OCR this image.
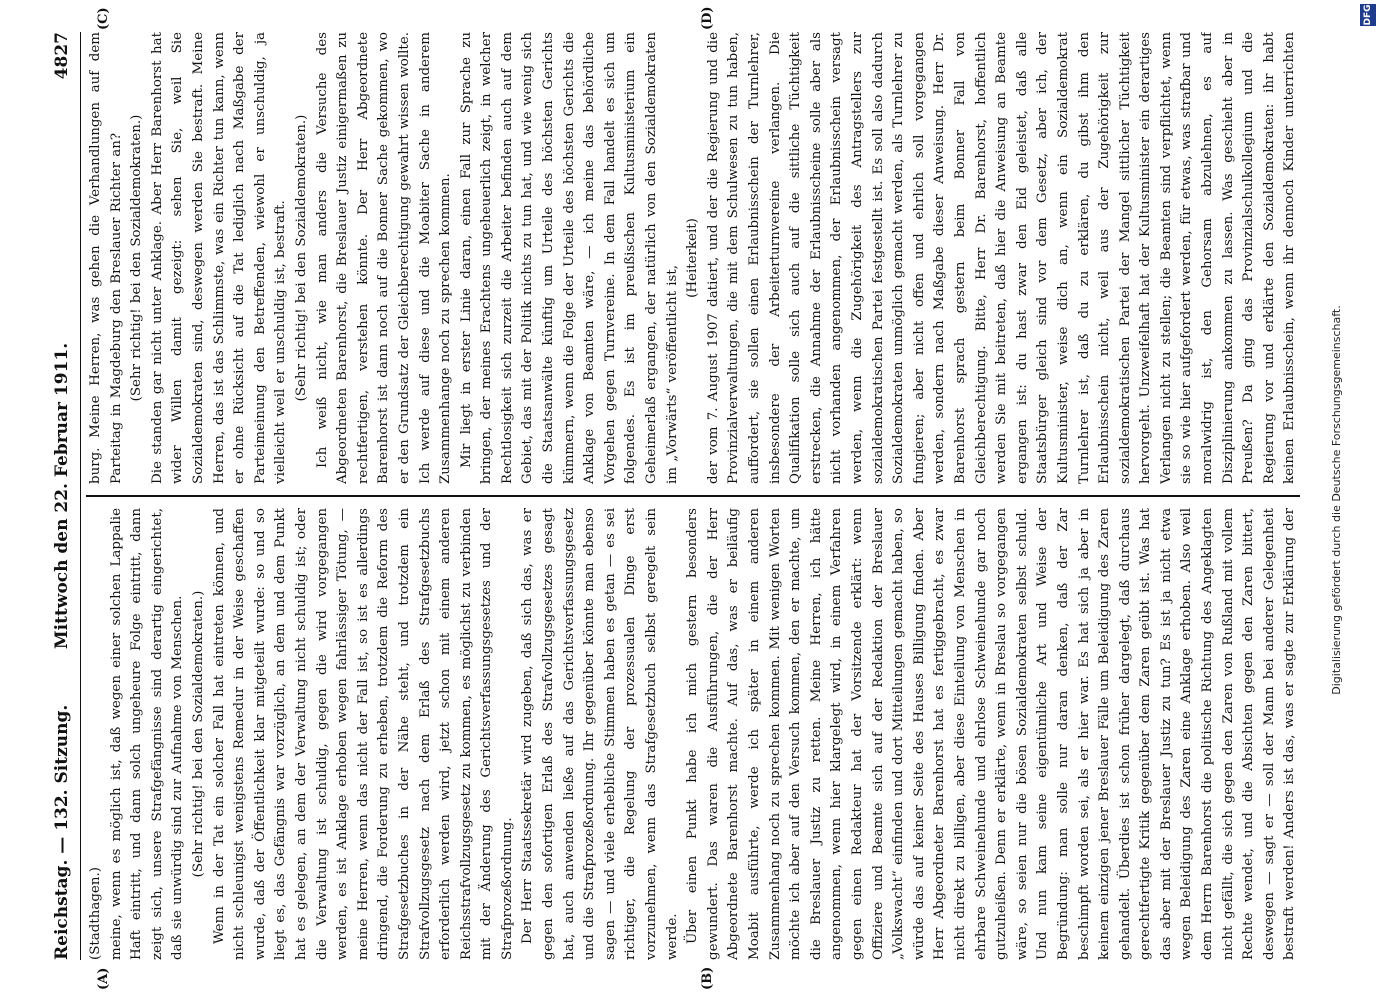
Reichstag. — 132. Sitzung.
Mittwoch den 22. Februar 1911.
4827
(A)	(B)
(C)	(D)

(Stadthagen.) meine, wenn es möglich ist, daß wegen einer solchen Lappalie Haft eintritt, und dann solch ungeheure Folge eintritt, dann zeigt sich, unsere Strafgefängnisse sind derartig eingerichtet, daß sie unwürdig sind zur Aufnahme von Menschen. (Sehr richtig! bei den Sozialdemokraten.) Wenn in der Tat ein solcher Fall hat eintreten können, und nicht schleunigst wenigstens Remedur in der Weise geschaffen wurde, daß der Öffentlichkeit klar mitgeteilt wurde: so und so liegt es, das Gefängnis war vorzüglich, an dem und dem Punkt hat es gelegen, an dem der Verwaltung nicht schuldig ist; oder die Verwaltung ist schuldig, gegen die wird vorgegangen werden, es ist Anklage erhoben wegen fahrlässiger Tötung, — meine Herren, wenn das nicht der Fall ist, so ist es allerdings dringend, die Forderung zu erheben, trotzdem die Reform des Strafgesetzbuches in der Nähe steht, und trotzdem ein Strafvollzugsgesetz nach dem Erlaß des Strafgesetzbuchs erforderlich werden wird, jetzt schon mit einem anderen Reichsstrafvollzugsgesetz zu kommen, es möglichst zu verbinden mit der Änderung des Gerichtsverfassungsgesetzes und der Strafprozeßordnung. Der Herr Staatssekretär wird zugeben, daß sich das, was er gegen den sofortigen Erlaß des Strafvollzugsgesetzes gesagt hat, auch anwenden ließe auf das Gerichtsverfassungsgesetz und die Strafprozeßordnung. Ihr gegenüber könnte man ebenso sagen — und viele erhebliche Stimmen haben es getan — es sei richtiger, die Regelung der prozessualen Dinge erst vorzunehmen, wenn das Strafgesetzbuch selbst geregelt sein werde. Über einen Punkt habe ich mich gestern besonders gewundert. Das waren die Ausführungen, die der Herr Abgeordnete Barenhorst machte. Auf das, was er beiläufig Moabit ausführte, werde ich später in einem anderen Zusammenhang noch zu sprechen kommen. Mit wenigen Worten möchte ich aber auf den Versuch kommen, den er machte, um die Breslauer Justiz zu retten. Meine Herren, ich hätte angenommen, wenn hier klargelegt wird, in einem Verfahren gegen einen Redakteur hat der Vorsitzende erklärt: wenn Offiziere und Beamte sich auf der Redaktion der Breslauer „Volkswacht“ einfinden und dort Mitteilungen gemacht haben, so würde das auf keiner Seite des Hauses Billigung finden. Aber Herr Abgeordneter Barenhorst hat es fertiggebracht, es zwar nicht direkt zu billigen, aber diese Einteilung von Menschen in ehrbare Schweinehunde und ehrlose Schweinehunde gar noch gutzuheißen. Denn er erklärte, wenn in Breslau so vorgegangen wäre, so seien nur die bösen Sozialdemokraten selbst schuld. Und nun kam seine eigentümliche Art und Weise der Begründung: man solle nur daran denken, daß der Zar beschimpft worden sei, als er hier war. Es hat sich ja aber in keinem einzigen jener Breslauer Fälle um Beleidigung des Zaren gehandelt. Überdies ist schon früher dargelegt, daß durchaus gerechtfertigte Kritik gegenüber dem Zaren geübt ist. Was hat das aber mit der Breslauer Justiz zu tun? Es ist ja nicht etwa wegen Beleidigung des Zaren eine Anklage erhoben. Also weil dem Herrn Barenhorst die politische Richtung des Angeklagten nicht gefällt, die sich gegen den Zaren von Rußland mit vollem Rechte wendet, und die Absichten gegen den Zaren bittert, deswegen — sagt er — soll der Mann bei anderer Gelegenheit bestraft werden! Anders ist das, was er sagte zur Erklärung der

burg. Meine Herren, was gehen die Verhandlungen auf dem Parteitag in Magdeburg den Breslauer Richter an? (Sehr richtig! bei den Sozialdemokraten.) Die standen gar nicht unter Anklage. Aber Herr Barenhorst hat wider Willen damit gezeigt: sehen Sie, weil Sie Sozialdemokraten sind, deswegen werden Sie bestraft. Meine Herren, das ist das Schlimmste, was ein Richter tun kann, wenn er ohne Rücksicht auf die Tat lediglich nach Maßgabe der Parteimeinung den Betreffenden, wiewohl er unschuldig, ja vielleicht weil er unschuldig ist, bestraft. (Sehr richtig! bei den Sozialdemokraten.) Ich weiß nicht, wie man anders die Versuche des Abgeordneten Barenhorst, die Breslauer Justiz einigermaßen zu rechtfertigen, verstehen könnte. Der Herr Abgeordnete Barenhorst ist dann noch auf die Bonner Sache gekommen, wo er den Grundsatz der Gleichberechtigung gewahrt wissen wollte. Ich werde auf diese und die Moabiter Sache in anderem Zusammenhange noch zu sprechen kommen. Mir liegt in erster Linie daran, einen Fall zur Sprache zu bringen, der meines Erachtens ungeheuerlich zeigt, in welcher Rechtlosigkeit sich zurzeit die Arbeiter befinden auch auf dem Gebiet, das mit der Politik nichts zu tun hat, und wie wenig sich die Staatsanwälte künftig um Urteile des höchsten Gerichts kümmern, wenn die Folge der Urteile des höchsten Gerichts die Anklage von Beamten wäre, — ich meine das behördliche Vorgehen gegen Turnvereine. In dem Fall handelt es sich um folgendes. Es ist im preußischen Kultusministerium ein Geheimerlaß ergangen, der natürlich von den Sozialdemokraten im „Vorwärts“ veröffentlicht ist,

(Heiterkeit)

der vom 7. August 1907 datiert, und der die Regierung und die Provinzialverwaltungen, die mit dem Schulwesen zu tun haben, auffordert, sie sollen einen Erlaubnisschein der Turnlehrer, insbesondere der Arbeiterturnvereine verlangen. Die Qualifikation solle sich auch auf die sittliche Tüchtigkeit erstrecken, die Annahme der Erlaubnisscheine solle aber als nicht vorhanden angenommen, der Erlaubnisschein versagt werden, wenn die Zugehörigkeit des Antragstellers zur sozialdemokratischen Partei festgestellt ist. Es soll also dadurch Sozialdemokraten unmöglich gemacht werden, als Turnlehrer zu fungieren; aber nicht offen und ehrlich soll vorgegangen werden, sondern nach Maßgabe dieser Anweisung. Herr Dr. Barenhorst sprach gestern beim Bonner Fall von Gleichberechtigung. Bitte, Herr Dr. Barenhorst, hoffentlich werden Sie mit beitreten, daß hier die Anweisung an Beamte ergangen ist: du hast zwar den Eid geleistet, daß alle Staatsbürger gleich sind vor dem Gesetz, aber ich, der Kultusminister, weise dich an, wenn ein Sozialdemokrat Turnlehrer ist, daß du zu erklären, du gibst ihm den Erlaubnisschein nicht, weil aus der Zugehörigkeit zur sozialdemokratischen Partei der Mangel sittlicher Tüchtigkeit hervorgeht. Unzweifelhaft hat der Kultusminister ein derartiges Verlangen nicht zu stellen; die Beamten sind verpflichtet, wenn sie so wie hier aufgefordert werden, für etwas, was strafbar und moralwidrig ist, den Gehorsam abzulehnen, es auf Disziplinierung ankommen zu lassen. Was geschieht aber in Preußen? Da ging das Provinzialschulkollegium und die Regierung vor und erklärte den Sozialdemokraten: ihr habt keinen Erlaubnisschein, wenn ihr dennoch Kinder unterrichten

Digitalisierung gefördert durch die Deutsche Forschungsgemeinschaft.
DFG
